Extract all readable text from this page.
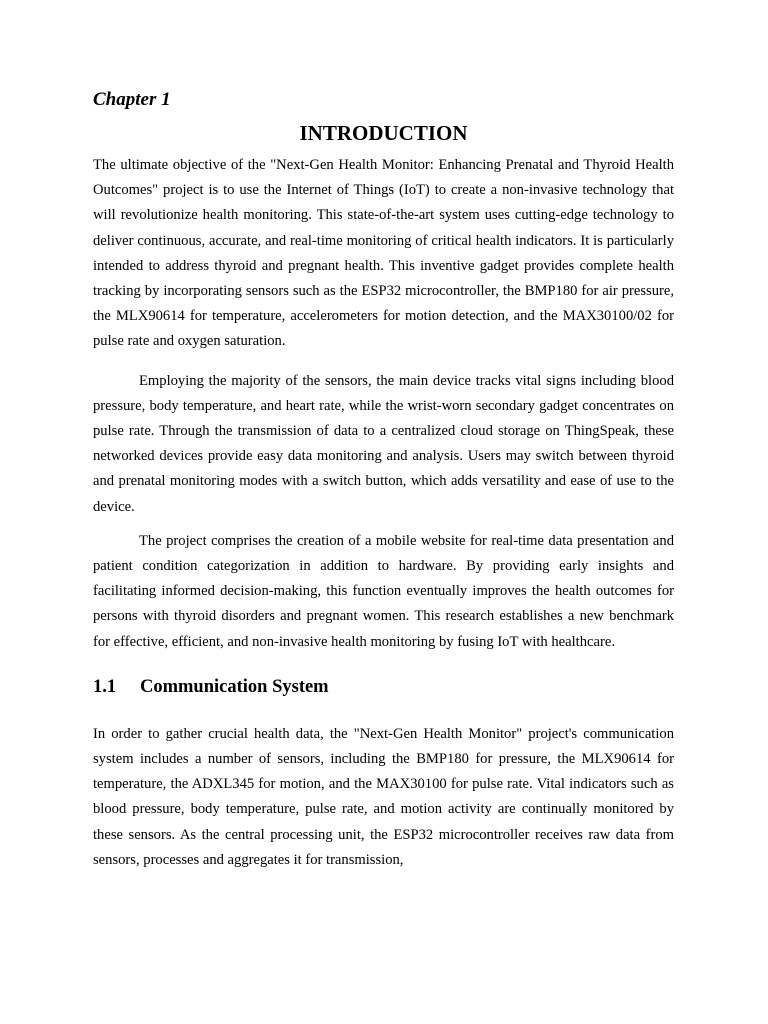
Chapter 1
INTRODUCTION

The ultimate objective of the "Next-Gen Health Monitor: Enhancing Prenatal and Thyroid Health Outcomes" project is to use the Internet of Things (IoT) to create a non-invasive technology that will revolutionize health monitoring. This state-of-the-art system uses cutting-edge technology to deliver continuous, accurate, and real-time monitoring of critical health indicators. It is particularly intended to address thyroid and pregnant health. This inventive gadget provides complete health tracking by incorporating sensors such as the ESP32 microcontroller, the BMP180 for air pressure, the MLX90614 for temperature, accelerometers for motion detection, and the MAX30100/02 for pulse rate and oxygen saturation.

Employing the majority of the sensors, the main device tracks vital signs including blood pressure, body temperature, and heart rate, while the wrist-worn secondary gadget concentrates on pulse rate. Through the transmission of data to a centralized cloud storage on ThingSpeak, these networked devices provide easy data monitoring and analysis. Users may switch between thyroid and prenatal monitoring modes with a switch button, which adds versatility and ease of use to the device.

The project comprises the creation of a mobile website for real-time data presentation and patient condition categorization in addition to hardware. By providing early insights and facilitating informed decision-making, this function eventually improves the health outcomes for persons with thyroid disorders and pregnant women. This research establishes a new benchmark for effective, efficient, and non-invasive health monitoring by fusing IoT with healthcare.

1.1	Communication System

In order to gather crucial health data, the "Next-Gen Health Monitor" project's communication system includes a number of sensors, including the BMP180 for pressure, the MLX90614 for temperature, the ADXL345 for motion, and the MAX30100 for pulse rate. Vital indicators such as blood pressure, body temperature, pulse rate, and motion activity are continually monitored by these sensors. As the central processing unit, the ESP32 microcontroller receives raw data from sensors, processes and aggregates it for transmission,
